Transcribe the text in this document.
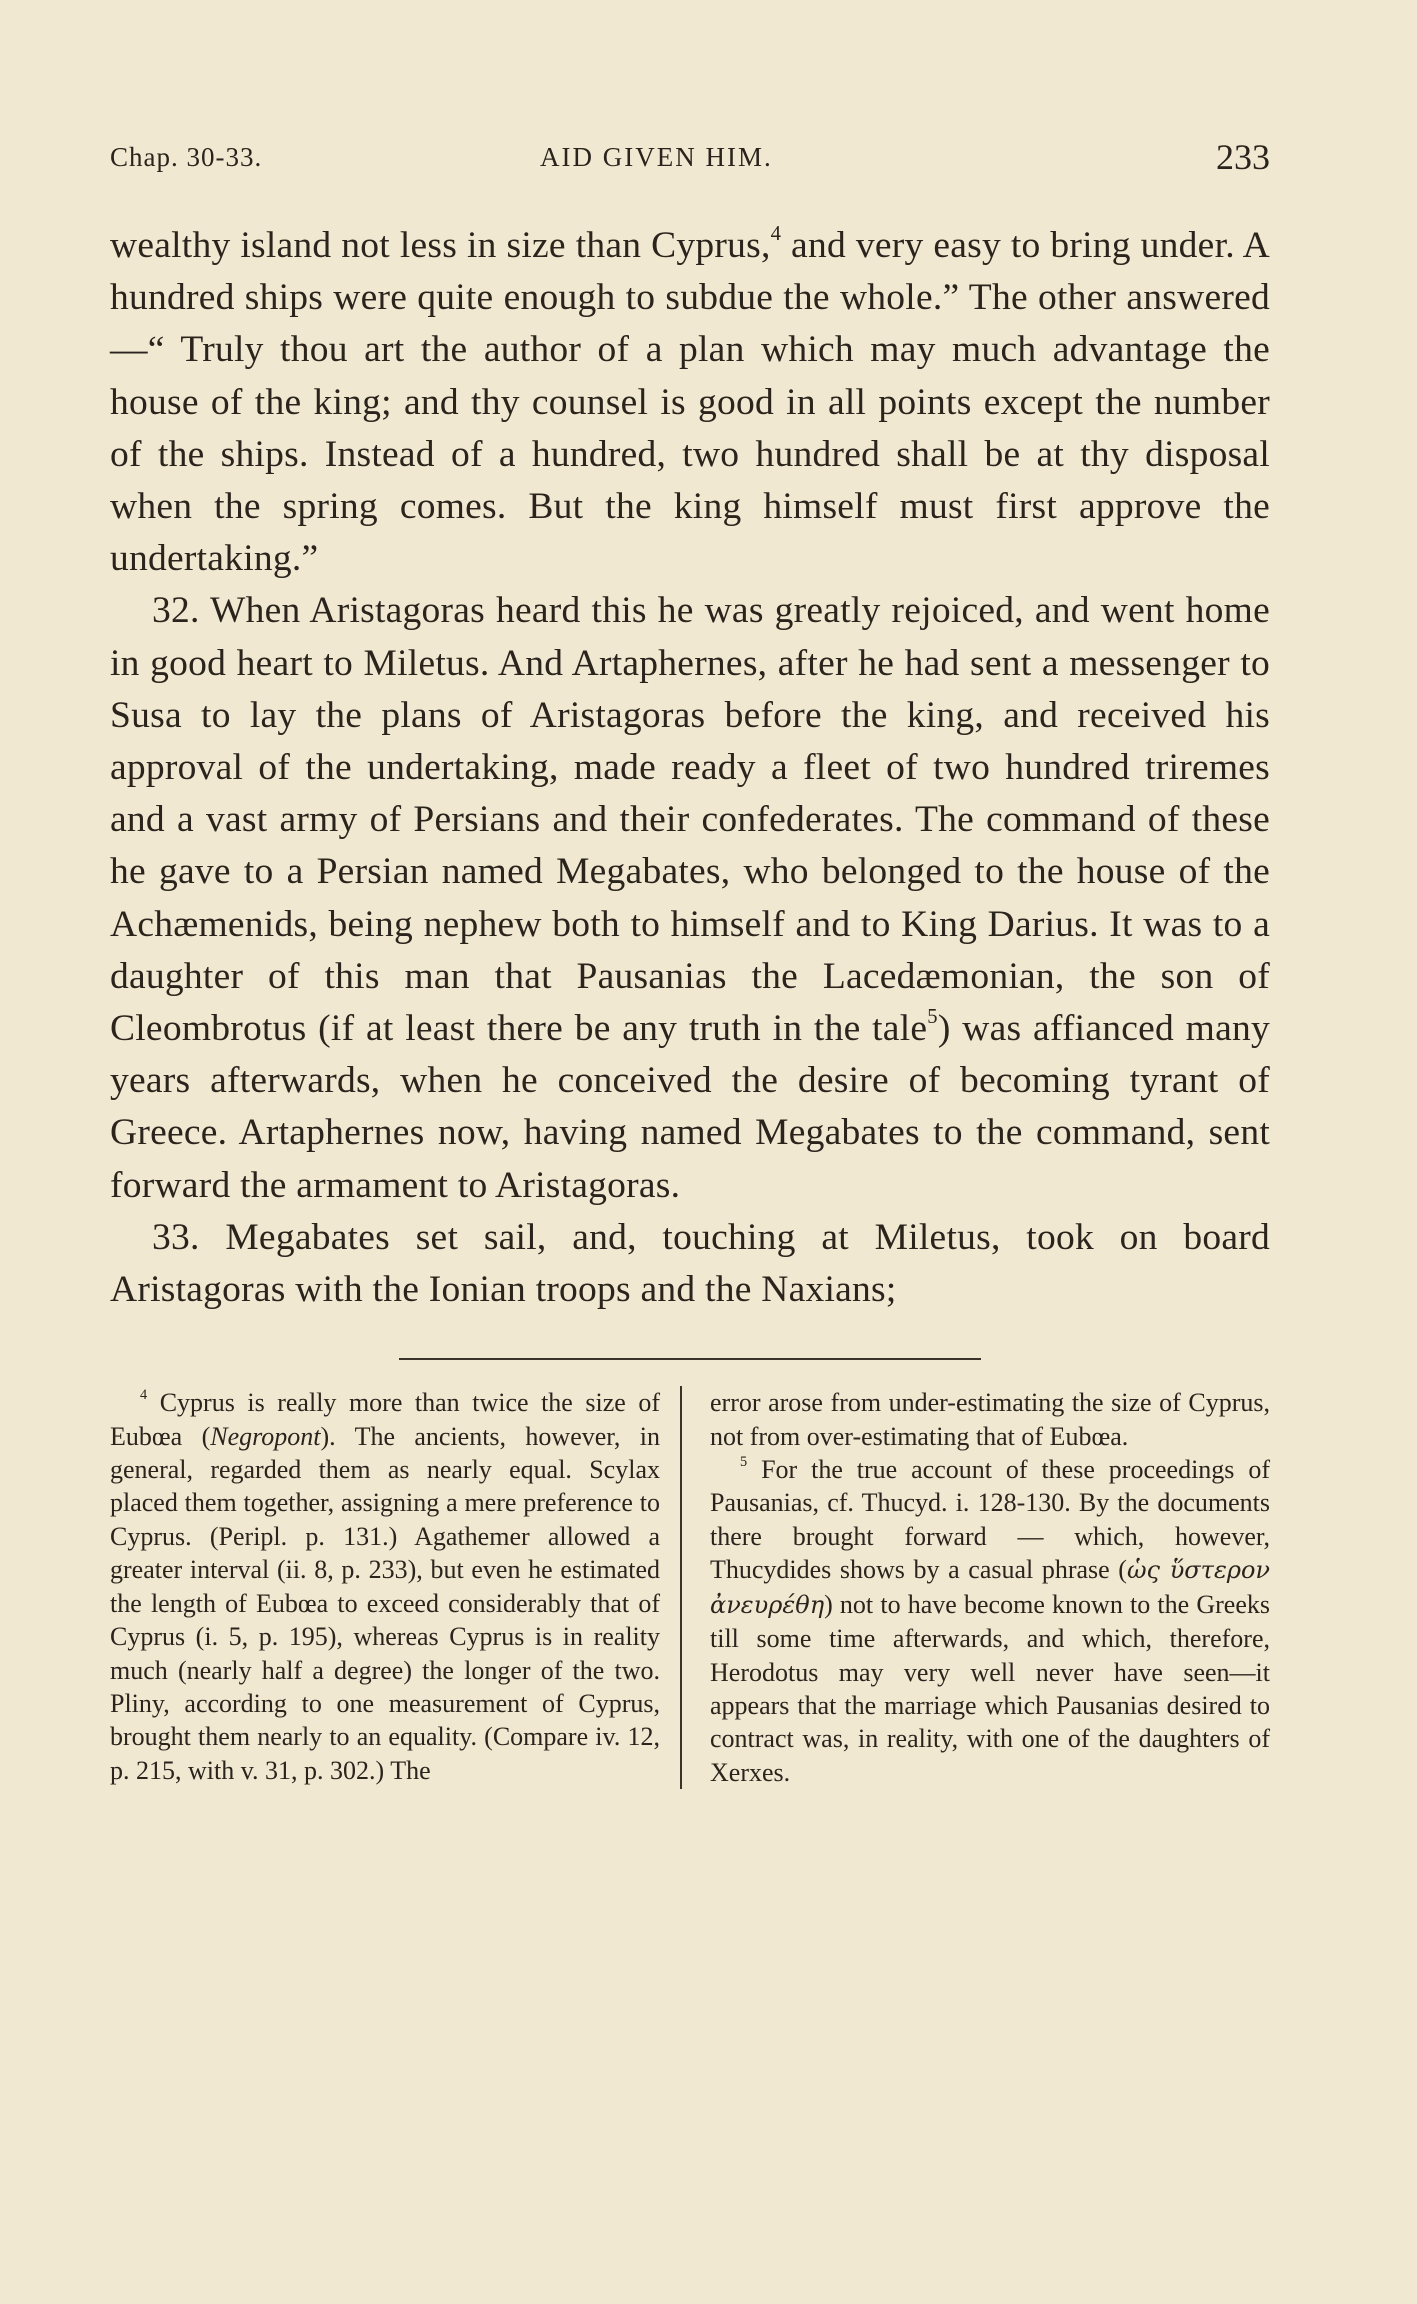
Chap. 30-33.	AID GIVEN HIM.	233

wealthy island not less in size than Cyprus,$^4$ and very easy to bring under. A hundred ships were quite enough to subdue the whole.” The other answered—“ Truly thou art the author of a plan which may much advantage the house of the king; and thy counsel is good in all points except the number of the ships. Instead of a hundred, two hundred shall be at thy disposal when the spring comes. But the king himself must first approve the undertaking.”

32. When Aristagoras heard this he was greatly rejoiced, and went home in good heart to Miletus. And Artaphernes, after he had sent a messenger to Susa to lay the plans of Aristagoras before the king, and received his approval of the undertaking, made ready a fleet of two hundred triremes and a vast army of Persians and their confederates. The command of these he gave to a Persian named Megabates, who belonged to the house of the Achæmenids, being nephew both to himself and to King Darius. It was to a daughter of this man that Pausanias the Lacedæmonian, the son of Cleombrotus (if at least there be any truth in the tale$^5$) was affianced many years afterwards, when he conceived the desire of becoming tyrant of Greece. Artaphernes now, having named Megabates to the command, sent forward the armament to Aristagoras.

33. Megabates set sail, and, touching at Miletus, took on board Aristagoras with the Ionian troops and the Naxians;

$^4$ Cyprus is really more than twice the size of Eubœa (Negropont). The ancients, however, in general, regarded them as nearly equal. Scylax placed them together, assigning a mere preference to Cyprus. (Peripl. p. 131.) Agathemer allowed a greater interval (ii. 8, p. 233), but even he estimated the length of Eubœa to exceed considerably that of Cyprus (i. 5, p. 195), whereas Cyprus is in reality much (nearly half a degree) the longer of the two. Pliny, according to one measurement of Cyprus, brought them nearly to an equality. (Compare iv. 12, p. 215, with v. 31, p. 302.) The

error arose from under-estimating the size of Cyprus, not from over-estimating that of Eubœa.

$^5$ For the true account of these proceedings of Pausanias, cf. Thucyd. i. 128-130. By the documents there brought forward — which, however, Thucydides shows by a casual phrase (ὡς ὕστερον ἀνευρέθη) not to have become known to the Greeks till some time afterwards, and which, therefore, Herodotus may very well never have seen—it appears that the marriage which Pausanias desired to contract was, in reality, with one of the daughters of Xerxes.
